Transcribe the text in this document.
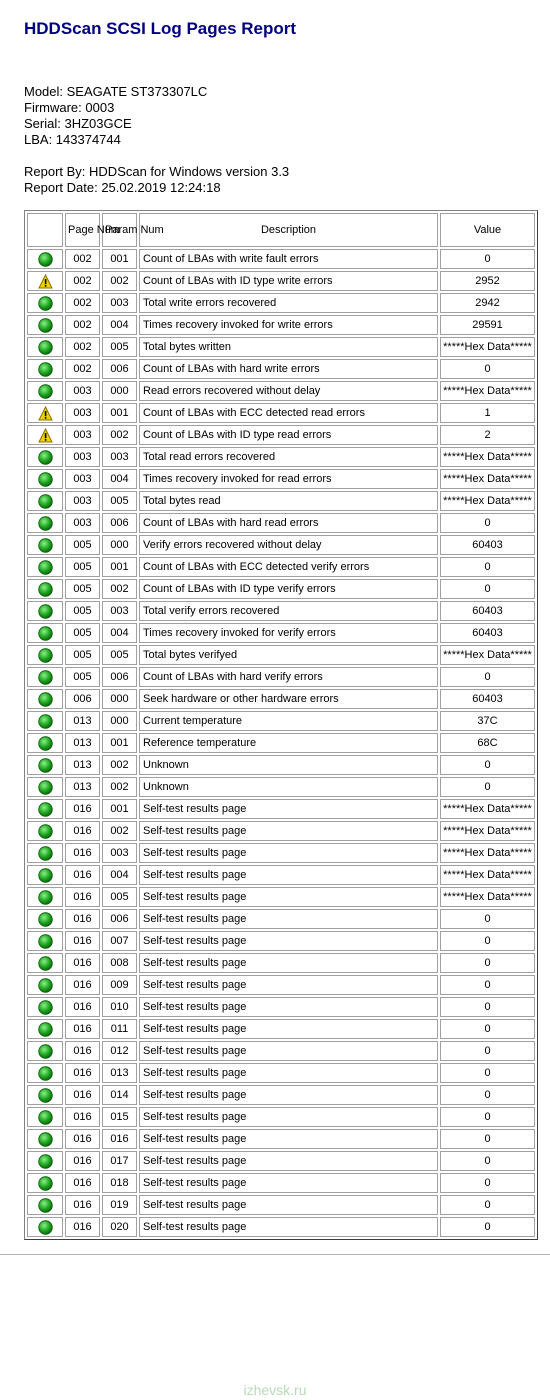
HDDScan SCSI Log Pages Report
Model: SEAGATE ST373307LC
Firmware: 0003
Serial: 3HZ03GCE
LBA: 143374744
Report By: HDDScan for Windows version 3.3
Report Date: 25.02.2019 12:24:18
	Page Num	Param Num	Description	Value

	002	001	Count of LBAs with write fault errors	0

	002	002	Count of LBAs with ID type write errors	2952

	002	003	Total write errors recovered	2942

	002	004	Times recovery invoked for write errors	29591

	002	005	Total bytes written	*****Hex Data*****

	002	006	Count of LBAs with hard write errors	0

	003	000	Read errors recovered without delay	*****Hex Data*****

	003	001	Count of LBAs with ECC detected read errors	1

	003	002	Count of LBAs with ID type read errors	2

	003	003	Total read errors recovered	*****Hex Data*****

	003	004	Times recovery invoked for read errors	*****Hex Data*****

	003	005	Total bytes read	*****Hex Data*****

	003	006	Count of LBAs with hard read errors	0

	005	000	Verify errors recovered without delay	60403

	005	001	Count of LBAs with ECC detected verify errors	0

	005	002	Count of LBAs with ID type verify errors	0

	005	003	Total verify errors recovered	60403

	005	004	Times recovery invoked for verify errors	60403

	005	005	Total bytes verifyed	*****Hex Data*****

	005	006	Count of LBAs with hard verify errors	0

	006	000	Seek hardware or other hardware errors	60403

	013	000	Current temperature	37C

	013	001	Reference temperature	68C

	013	002	Unknown	0

	013	002	Unknown	0

	016	001	Self-test results page	*****Hex Data*****

	016	002	Self-test results page	*****Hex Data*****

	016	003	Self-test results page	*****Hex Data*****

	016	004	Self-test results page	*****Hex Data*****

	016	005	Self-test results page	*****Hex Data*****

	016	006	Self-test results page	0

	016	007	Self-test results page	0

	016	008	Self-test results page	0

	016	009	Self-test results page	0

	016	010	Self-test results page	0

	016	011	Self-test results page	0

	016	012	Self-test results page	0

	016	013	Self-test results page	0

	016	014	Self-test results page	0

	016	015	Self-test results page	0

	016	016	Self-test results page	0

	016	017	Self-test results page	0

	016	018	Self-test results page	0

	016	019	Self-test results page	0

	016	020	Self-test results page	0
izhevsk.ru
